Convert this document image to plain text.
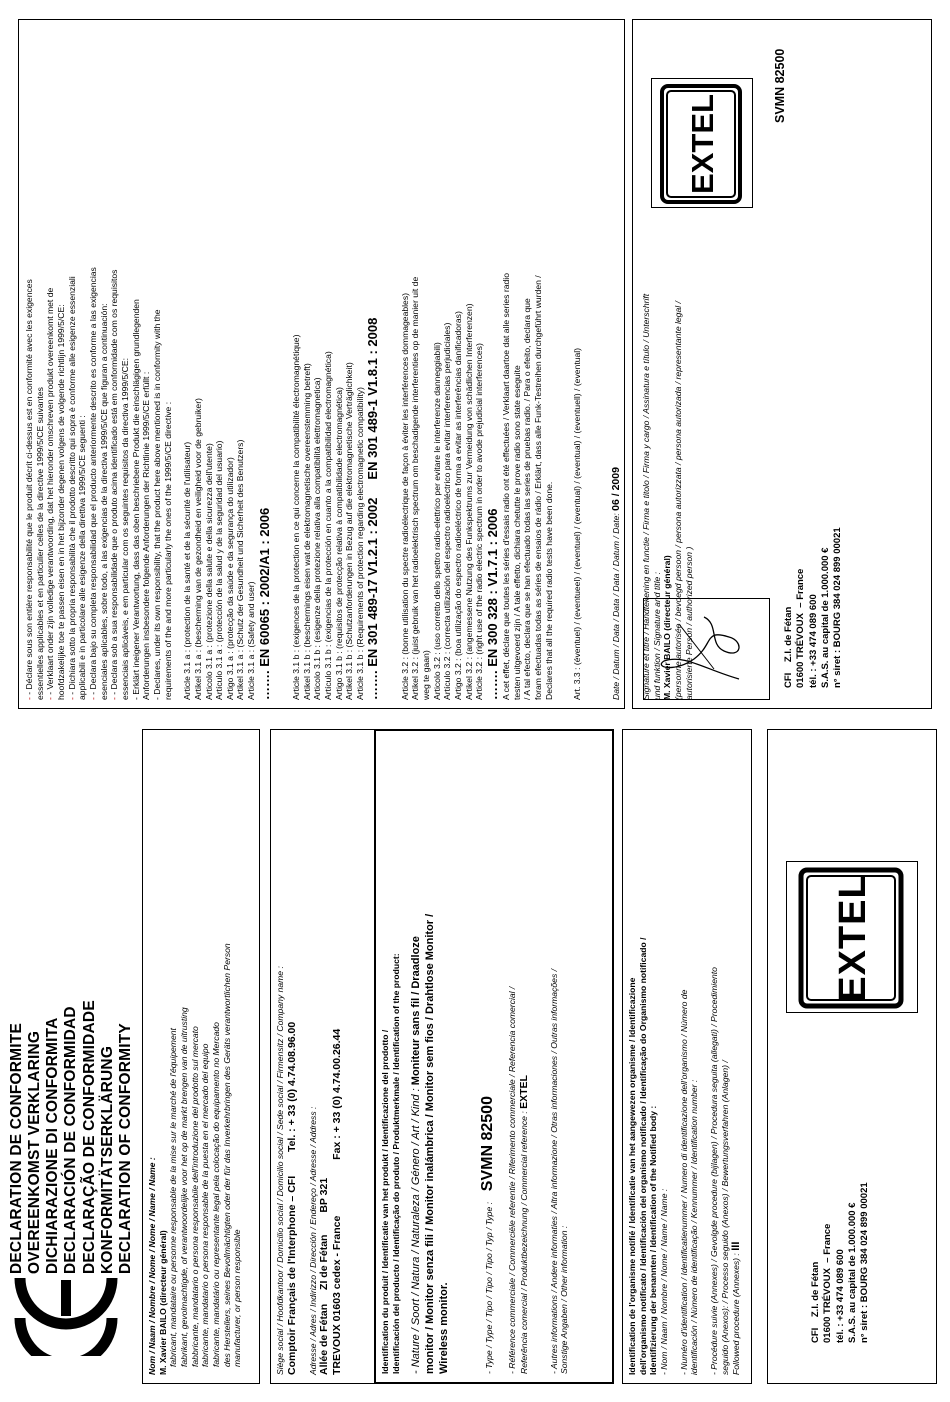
DECLARATION DE CONFORMITE OVEREENKOMST VERKLARING DICHIARAZIONE DI CONFORMITA DECLARACIÓN DE CONFORMIDAD DECLARAÇÃO DE CONFORMIDADE KONFORMITÄTSERKLÄRUNG DECLARATION OF CONFORMITY Nom / Naam / Nombre / Nome / Nome / Name / Name : M. Xavier BAILO (directeur général) fabricant, mandataire ou personne responsable de la mise sur le marché de l'équipement fabrikant, gevolmachtigde, of verantwoordelijke voor het op de markt brengen van de uitrusting fabbricante, mandatario o persona responsabile dell'introduzione del prodotto sul mercato fabricante, mandatario o persona responsable de la puesta en el mercado del equipo fabricante, mandatário ou representante legal pela colocação do equipamento no Mercado des Herstellers, seines Bevollmächtigten oder der für das Inverkehrbringen des Geräts verantwortlichen Person manufacturer, or person responsible	Siège social / Hoofdkantoor / Domicilio social / Domicilio social / Sede social / Firmensitz / Company name : Comptoir Français de l'Interphone – CFI  Tel. : + 33 (0) 4.74.08.96.00
Adresse / Adres / Indirizzo / Dirección / Endereço / Adresse / Address : Allée de Fétan  ZI de Fétan  BP 321
TREVOUX 01603 cedex - France  Fax : + 33 (0) 4.74.00.26.44	Identification du produit / Identificatie van het produkt / Identificazione del prodotto / Identificación del producto / Identificação do produto / Produktmerkmale / Identification of the product: - Nature / Soort / Natura / Naturaleza / Género / Art / Kind : Moniteur sans fil / Draadloze monitor / Monitor senza fili / Monitor inalámbrica / Monitor sem fios / Drahtlose Monitor / Wireless monitor.	- Type / Type / Tipo / Tipo / Tipo / Typ / Type :  SVMN 82500 - Référence commerciale / Commerciële referentie / Riferimento commerciale / Referencia comercial / Referência comercial / Produktbezeichnung / Commercial reference : EXTEL - Autres informations / Andere informaties / Altra informazione / Otras informaciones / Outras informações / Sonstige Angaben / Other information :	Identification de l'organisme notifié / Identificatie van het aangewezen organisme / Identificazione dell'organismo notificato / Identificación del organismo notificado / Identificação do Organismo notificado / Identifizierung der benannten / Identification of the Notified body : - Nom / Naam / Nombre / Nome / Name / Name : - Numéro d'identification / Identificatienummer / Numero di identificazione dell'organismo / Número de identificación / Número de identificação / Kennummer / Identification number : - Procédure suivie (Annexes) / Gevolgde procedure (bijlagen) / Procedura seguita (allegati) / Procedimiento seguido (Anexos): / Processo seguido (Anexos) / Bewertungsverfahren (Anlagen) / Followed procedure (Annexes) : III
CFI    Z.I. de Fétan 01600 TRÉVOUX  – France
tél. : +33 474 089 600 S.A.S. au capital de 1.000.000 € n° siret : BOURG 384 024 899 00021
EXTEL
- - Déclare sous son entière responsabilité que le produit décrit ci-dessus est en conformité avec les exigences essentielles applicables et en particulier celles de la directive 1999/5/CE suivantes - - Verklaart onder zijn volledige verantwoording, dat het hieronder omschreven produkt overeenkomt met de hoofdzakelijke toe te passen eisen en in het bijzonder degenen volgens de volgende richtlijn 1999/5/CE: - - Dichiara sotto la propria responsabilità che il prodotto descritto qui sopra è conforme alle esigenze essenziali applicabili e in particolare alle esigenze della direttiva 1999/5/CE seguenti : - - Declara bajo su completa responsabilidad que el producto anteriormente descrito es conforme a las exigencias esenciales aplicables, sobre todo, a las exigencias de la directiva 1999/5/CE que figuran a continuación: - - Declara sob a sua responsabilidade que o produto acima identificado está em conformidade com os requisitos essenciais aplicáveis, e em particular com os seguintes requisitos da directiva 1999/5/CE: - Erklärt ineigener Verantwortung, dass das oben beschriebene Produkt die einschlägigen grundlegenden Anforderungen insbesondere folgende Anforderungen der Richtlinie 1999/5/CE erfüllt : - Declares, under its own responsibility, that the product here above mentioned is in conformity with the requirements of the and more particularly the ones of the 1999/5/CE directive : Article 3.1 a : (protection de la santé et de la sécurité de l'utilisateur) Artikel 3.1 a : (bescherming van de gezondheid en veiligheid voor de gebruiker) Articolo 3.1 a : (protezione della salute e della sicurezza dell'utente) Artículo 3.1 a : (protección de la salud y de la seguridad del usuario) Artigo 3.1 a : (protecção da saúde e da segurança do utilizador) Artikel 3.1 a : (Schutz der Gesundheit und Sicherheit des Benutzers) Article 3.1 a : (Safety and user) ……. EN 60065 : 2002/A1 : 2006 Article 3.1 b : (exigences de la protection en ce qui concerne la compatibilité électromagnétique) Artikel 3.1 b : (beschermings eisen wat de elektromagnetische overeenstemming betreft) Articolo 3.1 b : (esigenze della protezione relativa alla compatibilità elettromagnetica) Artículo 3.1 b : (exigencias de la protección en cuanto a la compatibilidad electromagnética) Artigo 3.1 b : (requisitos de protecção relativa à compatibilidade electromagnética) Artikel 3.1 b : (Schutzanforderungen in Bezug auf die elektromagnetische Verträglichkeit) Article 3.1 b : (Requirements of protection regarding electromagnetic compatibility) ……. EN 301 489-17 V1.2.1 : 2002     EN 301 489-1 V1.8.1 : 2008 Article 3.2 : (bonne utilisation du spectre radioélectrique de façon à éviter les interférences dommageables) Artikel 3.2 : (juist gebruik van het radioelektrisch spectrum om beschadigende interferenties op de manier uit de weg te gaan) Articolo 3.2 : (uso corretto dello spettro radio-elettrico per evitare le interferenze danneggiabili) Artículo 3.2 : (correcta utilización del espectro radioeléctrico para evitar interferencias perjudiciales) Artigo 3.2 : (boa utilização do espectro radioeléctrico de forma a evitar as interferências danificadoras) Artikel 3.2 : (angemessene Nutzung des Funkspektrums zur Vermeidung von schädlichen Interferenzen) Article 3.2 : (right use of the radio electric spectrum in order to avode prejudicial interferences) ……. EN 300 328 : V1.7.1 : 2006 A cet effet, déclare que toutes les séries d'essais radio ont été effectuées / Verklaart daartoe dat alle series radio testen uitgevoerd zijn / A tale effetto, dichiara chetutte le prove radio sono state eseguite / A tal efecto, declara que se han efectuado todas las series de pruebas radio. / Para o efeito, declara que foram efectuadas todas as séries de ensaios de rádio / Erklärt, dass alle Funk-Testreihen durchgeführt wurden / Declares that all the required radio tests have been done. Art. 3.3 : (éventuel) / (eventueel) / (eventuel) / (eventual) / (eventual) / (eventuell) / (eventual)	Date / Datum / Data / Data / Data / Datum / Date: 06 / 2009 Signature et titre / Handtekening en functie / Firma e titolo / Firma y cargo / Assinatura e título / Unterschrift und funktion / Signature and title : M. Xavier BAILO (directeur général) (personne autorisée / bevoegd persoon / persona autorizzata / persona autorizada / representante legal / autorisierte Person / authorized person )	CFI    Z.I. de Fétan 01600 TRÉVOUX  – France
tél. : +33 474 089 600 S.A.S. au capital de 1.000.000 € n° siret : BOURG 384 024 899 00021
EXTEL
SVMN 82500
